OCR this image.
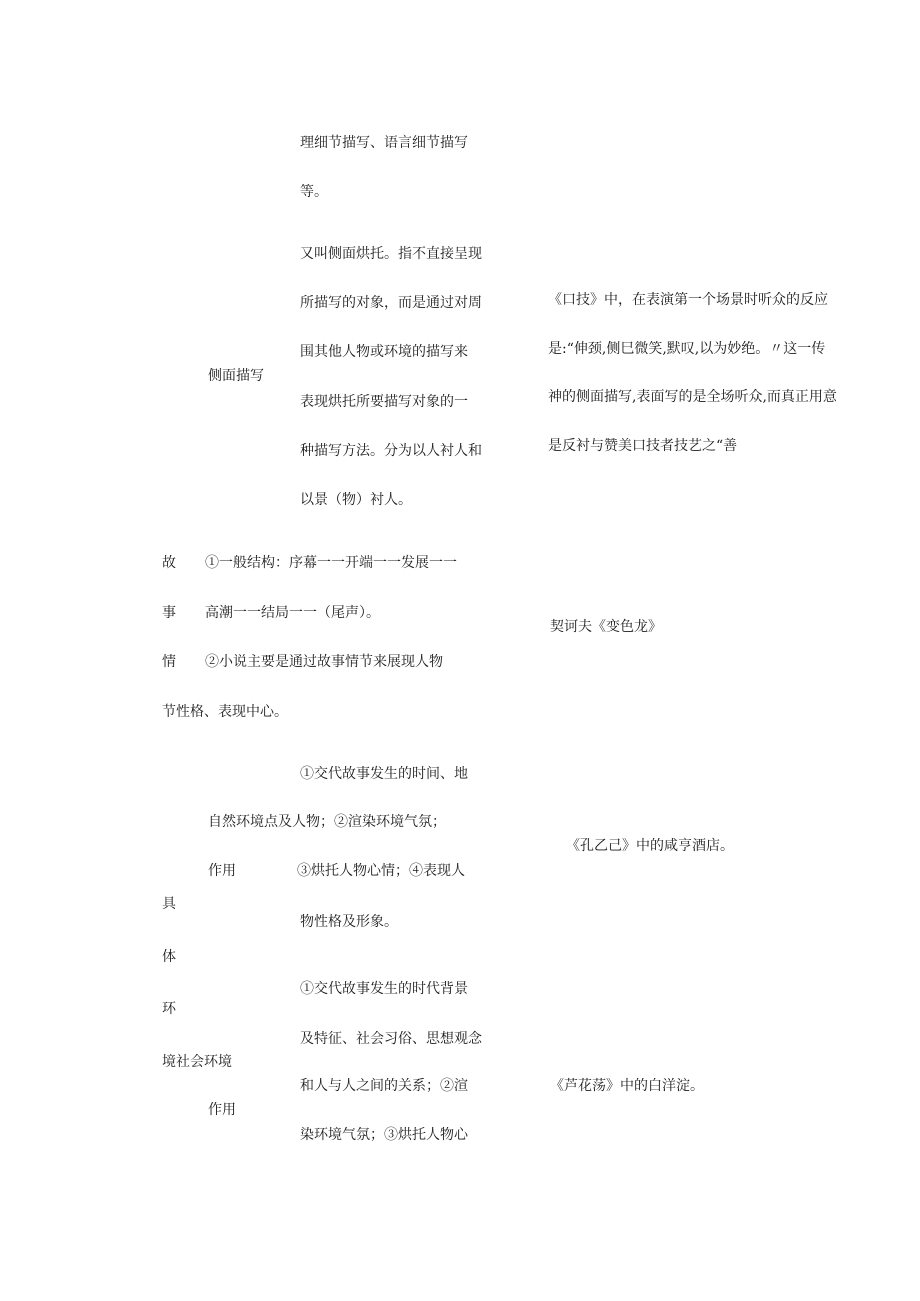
理细节描写、语言细节描写
等。
又叫侧面烘托。指不直接呈现
所描写的对象，而是通过对周
围其他人物或环境的描写来
表现烘托所要描写对象的一
种描写方法。分为以人衬人和
以景（物）衬人。
侧面描写
《口技》中，在表演第一个场景时听众的反应
是:“伸颈,侧巳微笑,默叹,以为妙绝。〃这一传
神的侧面描写,表面写的是全场听众,而真正用意
是反衬与赞美口技者技艺之“善
故
事
情
①一般结构：序幕一一开端一一发展一一
高潮一一结局一一（尾声）。
②小说主要是通过故事情节来展现人物
节性格、表现中心。
契诃夫《变色龙》
①交代故事发生的时间、地
自然环境点及人物；②渲染环境气氛；
③烘托人物心情；④表现人
物性格及形象。
作用
《孔乙己》中的咸亨酒店。
具
体
环
境社会环境
①交代故事发生的时代背景
及特征、社会习俗、思想观念
和人与人之间的关系；②渲
染环境气氛；③烘托人物心
作用
《芦花荡》中的白洋淀。
